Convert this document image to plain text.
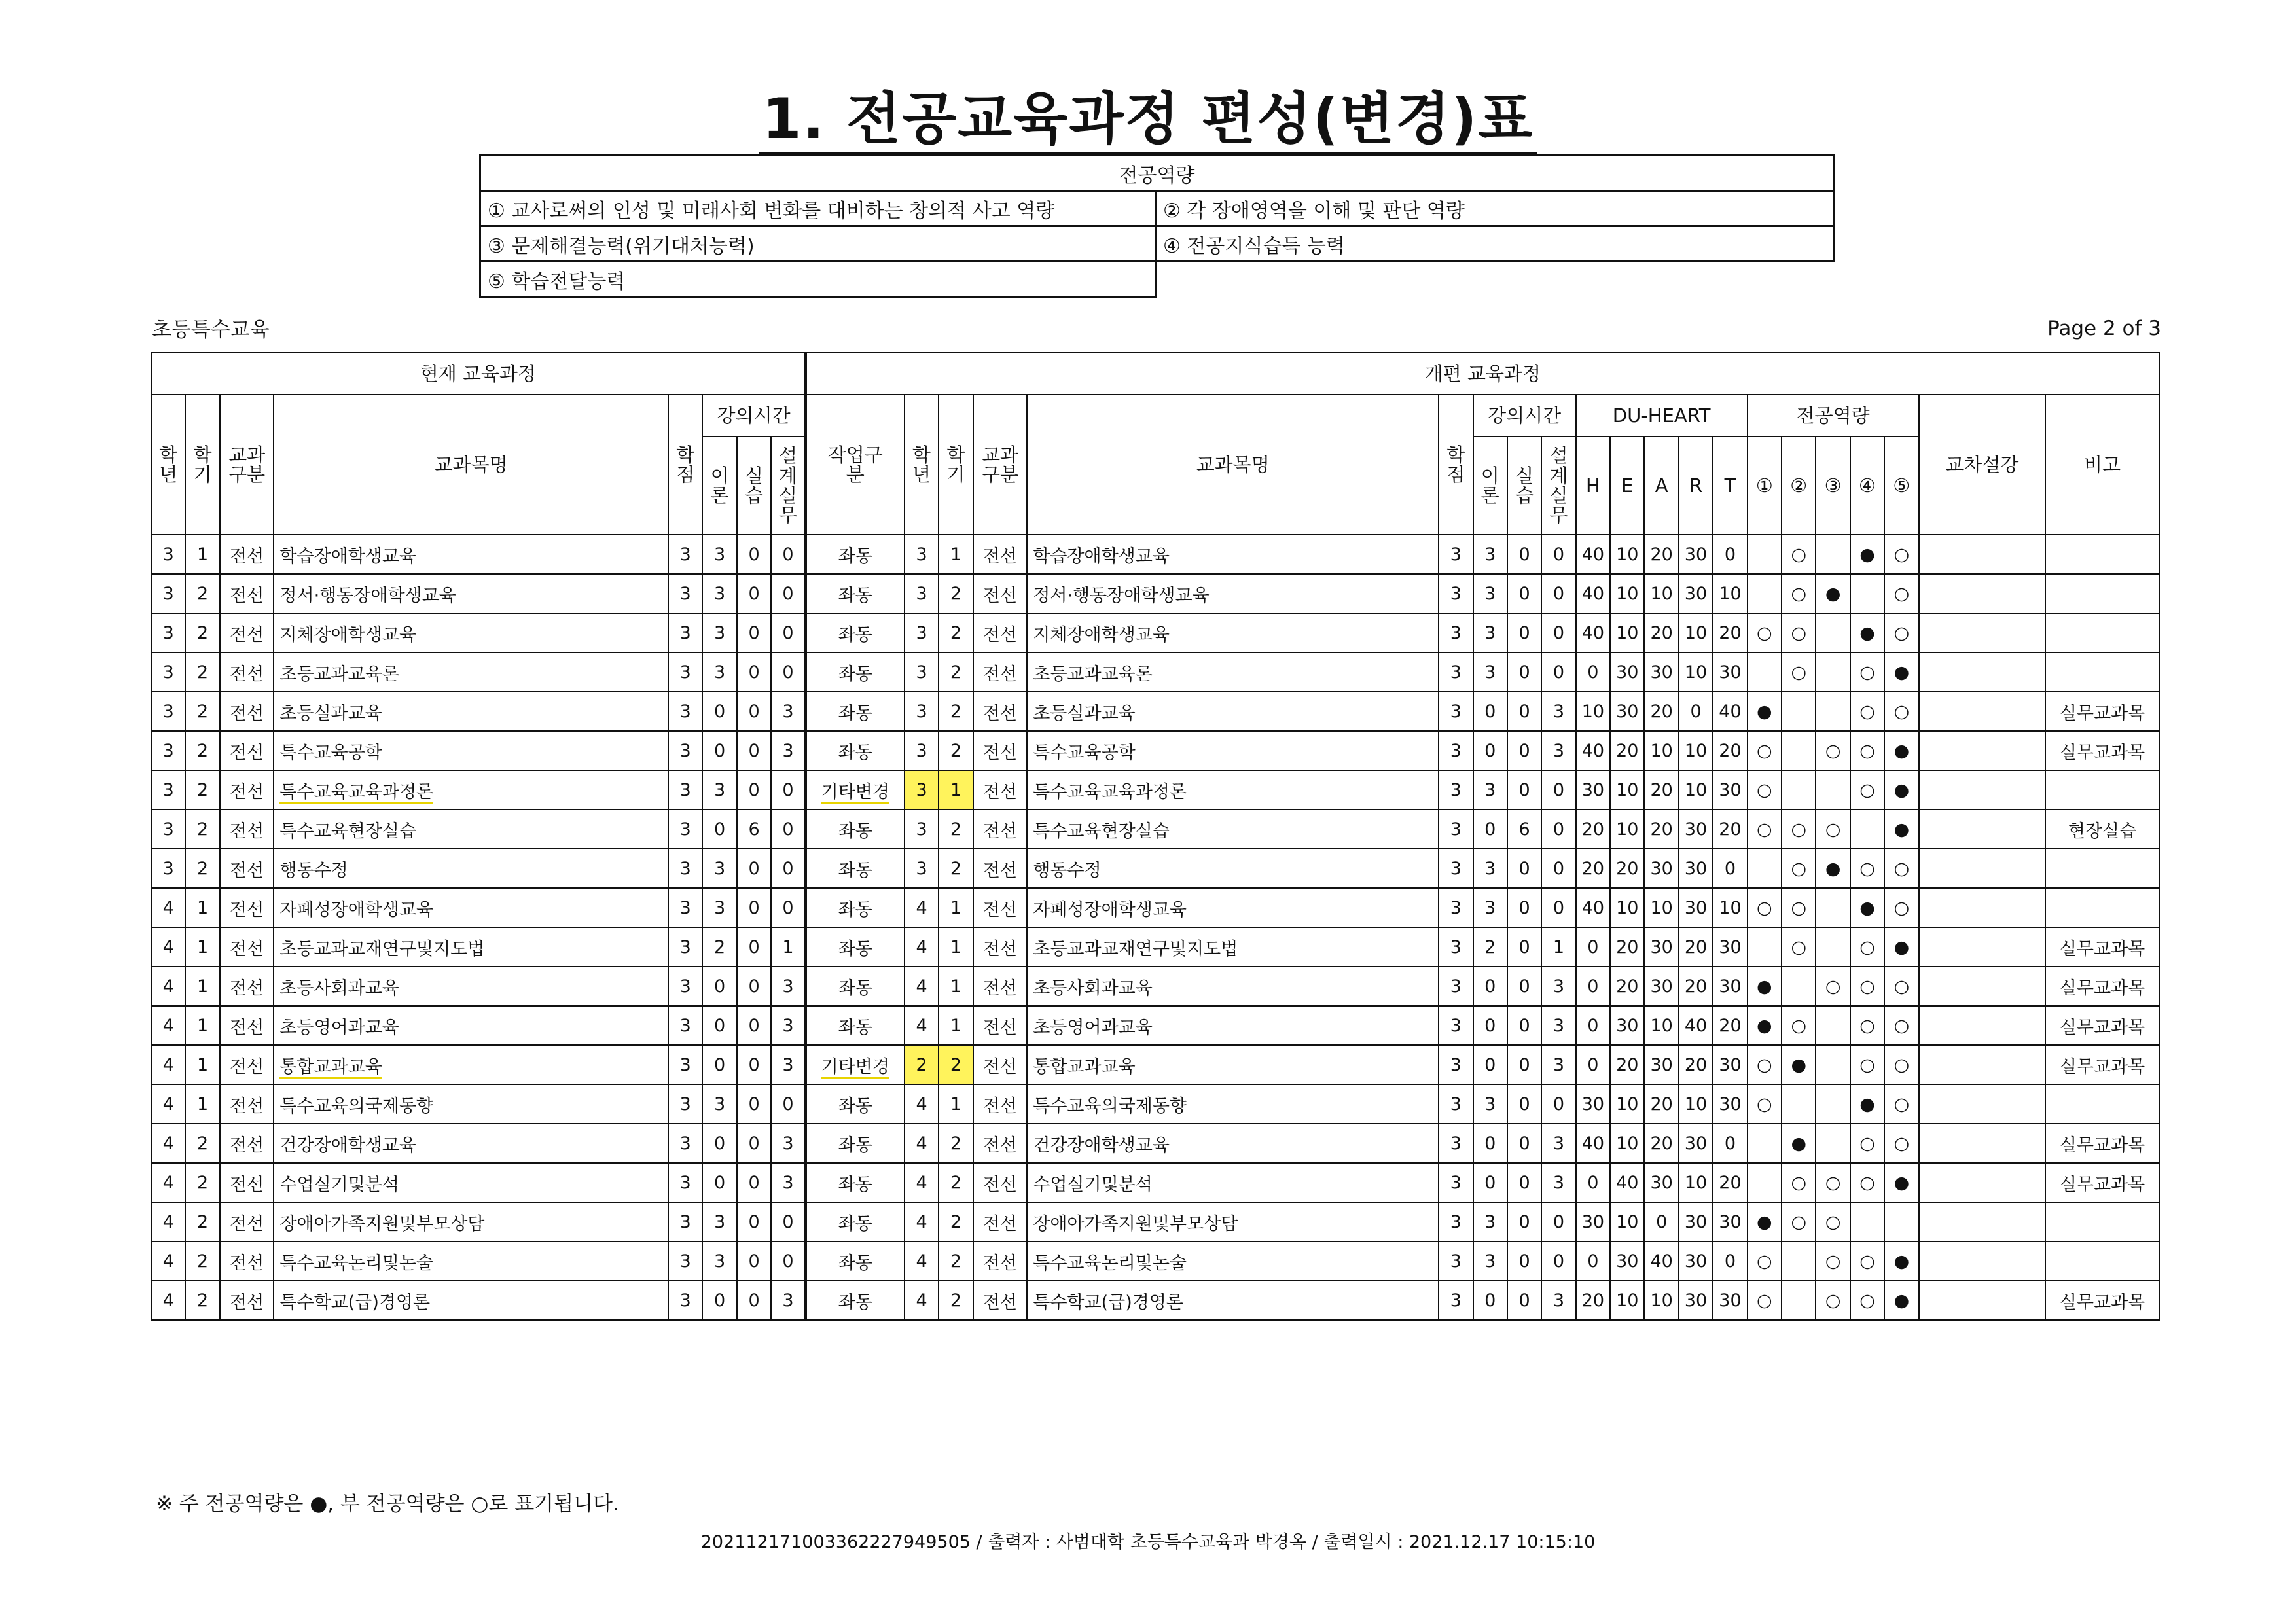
1. 전공교육과정 편성(변경)표
전공역량	
① 교사로써의 인성 및 미래사회 변화를 대비하는 창의적 사고 역량	② 각 장애영역을 이해 및 판단 역량
③ 문제해결능력(위기대처능력)	④ 전공지식습득 능력
⑤ 학습전달능력	
초등특수교육	Page 2 of 3
현재 교육과정								개편 교육과정																				
학년	학기	교과구분	교과목명	학점	강의시간			작업구분	학년	학기	교과구분	교과목명	학점	강의시간			DU-HEART					전공역량					교차설강	비고
					이론	실습	설계실무							이론	실습	설계실무	H	E	A	R	T	①	②	③	④	⑤		
3	1	전선	학습장애학생교육	3	3	0	0	좌동	3	1	전선	학습장애학생교육	3	3	0	0	40	10	20	30	0		○		●	○		
3	2	전선	정서·행동장애학생교육	3	3	0	0	좌동	3	2	전선	정서·행동장애학생교육	3	3	0	0	40	10	10	30	10		○	●		○		
3	2	전선	지체장애학생교육	3	3	0	0	좌동	3	2	전선	지체장애학생교육	3	3	0	0	40	10	20	10	20	○	○		●	○		
3	2	전선	초등교과교육론	3	3	0	0	좌동	3	2	전선	초등교과교육론	3	3	0	0	0	30	30	10	30		○		○	●		
3	2	전선	초등실과교육	3	0	0	3	좌동	3	2	전선	초등실과교육	3	0	0	3	10	30	20	0	40	●			○	○		실무교과목
3	2	전선	특수교육공학	3	0	0	3	좌동	3	2	전선	특수교육공학	3	0	0	3	40	20	10	10	20	○		○	○	●		실무교과목
3	2	전선	특수교육교육과정론	3	3	0	0	기타변경	3	1	전선	특수교육교육과정론	3	3	0	0	30	10	20	10	30	○			○	●		
3	2	전선	특수교육현장실습	3	0	6	0	좌동	3	2	전선	특수교육현장실습	3	0	6	0	20	10	20	30	20	○	○	○		●		현장실습
3	2	전선	행동수정	3	3	0	0	좌동	3	2	전선	행동수정	3	3	0	0	20	20	30	30	0		○	●	○	○		
4	1	전선	자폐성장애학생교육	3	3	0	0	좌동	4	1	전선	자폐성장애학생교육	3	3	0	0	40	10	10	30	10	○	○		●	○		
4	1	전선	초등교과교재연구및지도법	3	2	0	1	좌동	4	1	전선	초등교과교재연구및지도법	3	2	0	1	0	20	30	20	30		○		○	●		실무교과목
4	1	전선	초등사회과교육	3	0	0	3	좌동	4	1	전선	초등사회과교육	3	0	0	3	0	20	30	20	30	●		○	○	○		실무교과목
4	1	전선	초등영어과교육	3	0	0	3	좌동	4	1	전선	초등영어과교육	3	0	0	3	0	30	10	40	20	●	○		○	○		실무교과목
4	1	전선	통합교과교육	3	0	0	3	기타변경	2	2	전선	통합교과교육	3	0	0	3	0	20	30	20	30	○	●		○	○		실무교과목
4	1	전선	특수교육의국제동향	3	3	0	0	좌동	4	1	전선	특수교육의국제동향	3	3	0	0	30	10	20	10	30	○			●	○		
4	2	전선	건강장애학생교육	3	0	0	3	좌동	4	2	전선	건강장애학생교육	3	0	0	3	40	10	20	30	0		●		○	○		실무교과목
4	2	전선	수업실기및분석	3	0	0	3	좌동	4	2	전선	수업실기및분석	3	0	0	3	0	40	30	10	20		○	○	○	●		실무교과목
4	2	전선	장애아가족지원및부모상담	3	3	0	0	좌동	4	2	전선	장애아가족지원및부모상담	3	3	0	0	30	10	0	30	30	●	○	○				
4	2	전선	특수교육논리및논술	3	3	0	0	좌동	4	2	전선	특수교육논리및논술	3	3	0	0	0	30	40	30	0	○		○	○	●		
4	2	전선	특수학교(급)경영론	3	0	0	3	좌동	4	2	전선	특수학교(급)경영론	3	0	0	3	20	10	10	30	30	○		○	○	●		실무교과목
※ 주 전공역량은 ●, 부 전공역량은 ○로 표기됩니다.
20211217100336222794950​5 / 출력자 : 사범대학 초등특수교육과 박경옥 / 출력일시 : 2021.12.17 10:15:10
